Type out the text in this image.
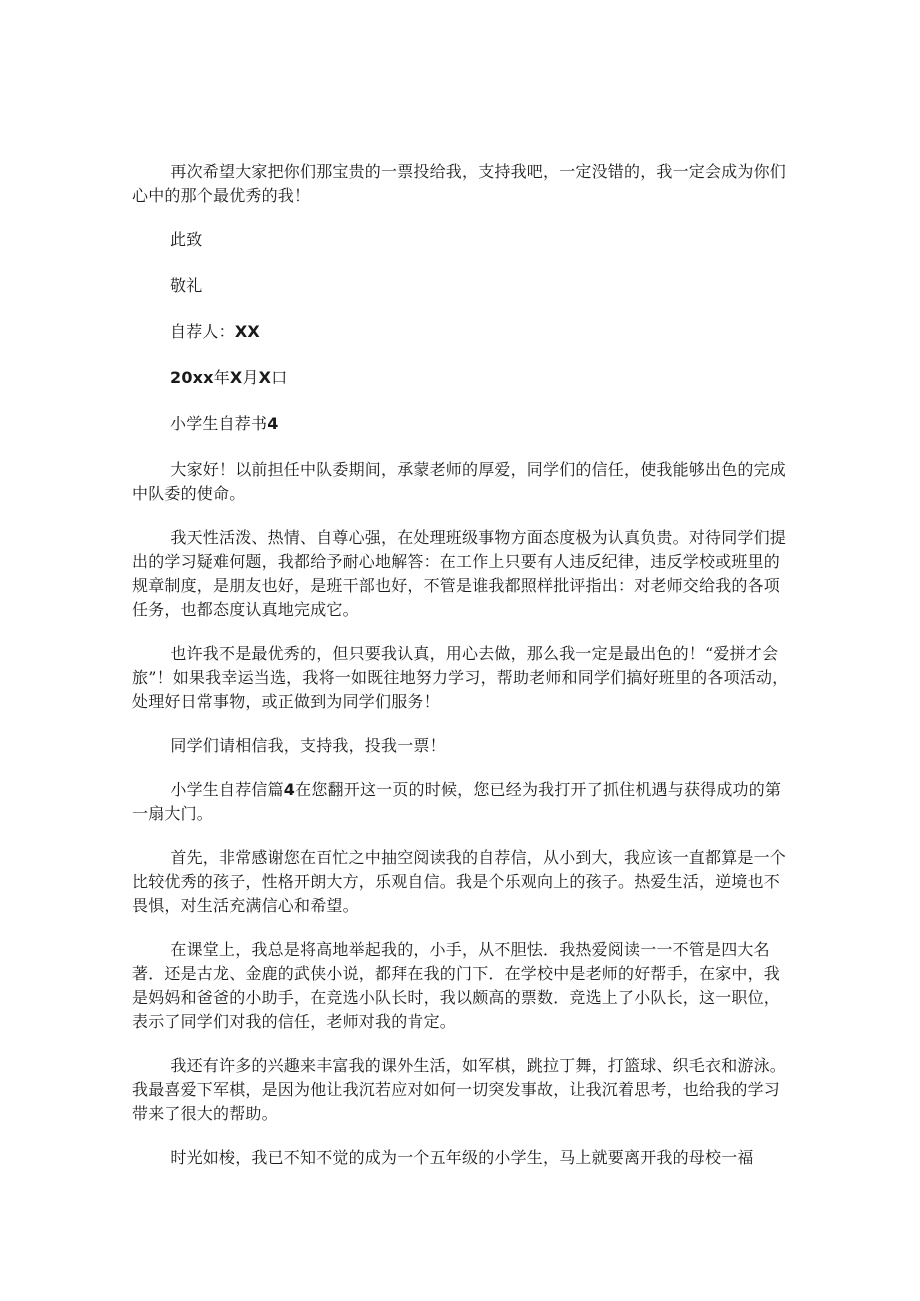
再次希望大家把你们那宝贵的一票投给我，支持我吧，一定没错的，我一定会成为你们心中的那个最优秀的我！

此致

敬礼

自荐人：XX

20xx年X月X口

小学生自荐书4

大家好！以前担任中队委期间，承蒙老师的厚爱，同学们的信任，使我能够出色的完成中队委的使命。

我天性活泼、热情、自尊心强，在处理班级事物方面态度极为认真负贵。对待同学们提出的学习疑难何题，我都给予耐心地解答：在工作上只要有人违反纪律，违反学校或班里的规章制度，是朋友也好，是班干部也好，不管是谁我都照样批评指出：对老师交给我的各项任务，也都态度认真地完成它。

也许我不是最优秀的，但只要我认真，用心去做，那么我一定是最出色的！“爱拼才会旅”！如果我幸运当选，我将一如既往地努力学习，帮助老师和同学们搞好班里的各项活动，处理好日常事物，或正做到为同学们服务！

同学们请相信我，支持我，投我一票！

小学生自荐信篇4在您翻开这一页的时候，您已经为我打开了抓住机遇与获得成功的第一扇大门。

首先，非常感谢您在百忙之中抽空阅读我的自荐信，从小到大，我应该一直都算是一个比较优秀的孩子，性格开朗大方，乐观自信。我是个乐观向上的孩子。热爱生活，逆境也不畏惧，对生活充满信心和希望。

在课堂上，我总是将高地举起我的，小手，从不胆怯．我热爱阅读一一不管是四大名著．还是古龙、金鹿的武侠小说，都拜在我的门下．在学校中是老师的好帮手，在家中，我是妈妈和爸爸的小助手，在竞选小队长时，我以颇高的票数．竞选上了小队长，这一职位，表示了同学们对我的信任，老师对我的肯定。

我还有许多的兴趣来丰富我的课外生活，如军棋，跳拉丁舞，打篮球、织毛衣和游泳。我最喜爱下军棋，是因为他让我沉若应对如何一切突发事故，让我沉着思考，也给我的学习带来了很大的帮助。

时光如梭，我已不知不觉的成为一个五年级的小学生，马上就要离开我的母校一福
